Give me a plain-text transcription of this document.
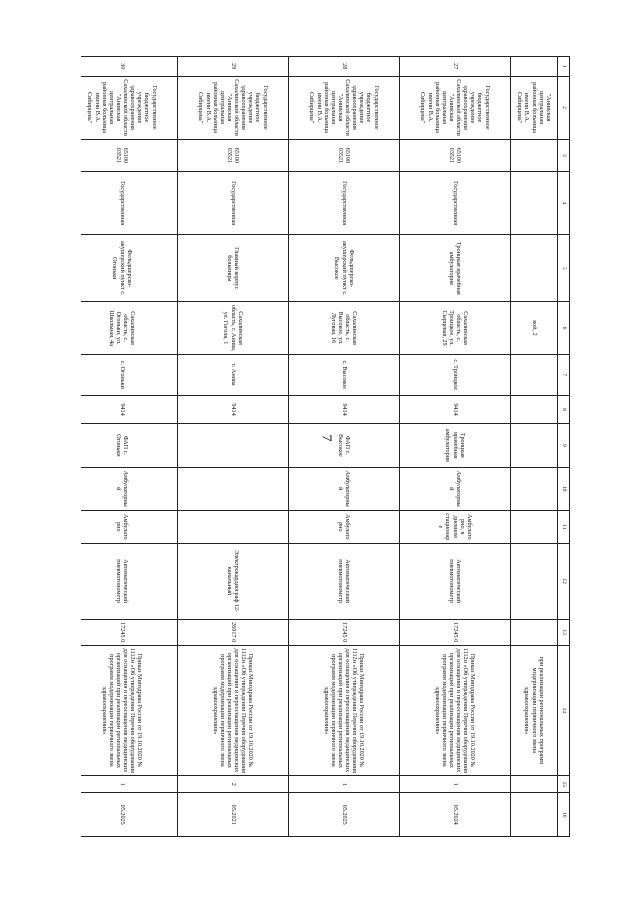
7
1	2	3	4	5	6	7	8	9	10	11	12	13	14	15	16
	"Анивская центральная районная больница имени В.А. Сибирцева"				вой, 2								при реализации региональных программ модернизации первичного звена здравоохранения»		
27	Государственное бюджетное учреждение здравоохранения Сахалинской области "Анивская центральная районная больница имени В.А. Сибирцева"	65100 03521	Государственная	Троицкая врачебная амбулатория	Сахалинская область, с. Троицкое, ул. Сырцевая, 29	с. Троицкое	9414	Троицкая врачебная амбулатория	Амбулаторный	Амбулаторно, в дневном стационаре	Автоматический пневмотонометр	17245 0	Приказ Минздрава России от 19.10.2020 № 1112н «Об утверждении Перечня оборудования для оснащения и переоснащения медицинских организаций при реализации региональных программ модернизации первичного звена здравоохранения»	1	05.2024
28	Государственное бюджетное учреждение здравоохранения Сахалинской области "Анивская центральная районная больница имени В.А. Сибирцева"	65100 03521	Государственная	Фельдшерско-акушерский пункт с. Высокое	Сахалинская область, с. Высокое, ул. Луговая, 16	с. Высокое	9414	ФАП с. Высокое	Амбулаторный	Амбулаторно	Автоматический пневмотонометр	17245 0	Приказ Минздрава России от 19.10.2020 № 1112н «Об утверждении Перечня оборудования для оснащения и переоснащения медицинских организаций при реализации региональных программ модернизации первичного звена здравоохранения»	1	05.2025
29	Государственное бюджетное учреждение здравоохранения Сахалинской области "Анивская центральная районная больница имени В.А. Сибирцева"	65100 03521	Государственная	Главный корпус больницы	Сахалинская область, г. Анива, ул. Гоголя, 1	г. Анива	9414				Электрокардиограф 12-канальный	26917 0	Приказ Минздрава России от 19.10.2020 № 1112н «Об утверждении Перечня оборудования для оснащения и переоснащения медицинских организаций при реализации региональных программ модернизации первичного звена здравоохранения»	2	05.2021
30	Государственное бюджетное учреждение здравоохранения Сахалинской области "Анивская центральная районная больница имени В.А. Сибирцева"	65100 03521	Государственная	Фельдшерско-акушерский пункт с. Огоньки	Сахалинская область, с. Огоньки, ул. Школьная, 4а	с. Огоньки	9414	ФАП с. Огоньки	Амбулаторный	Амбулаторно	Автоматический пневмотонометр	17245 0	Приказ Минздрава России от 19.10.2020 № 1112н «Об утверждении Перечня оборудования для оснащения и переоснащения медицинских организаций при реализации региональных программ модернизации первичного звена здравоохранения»	1	05.2025
